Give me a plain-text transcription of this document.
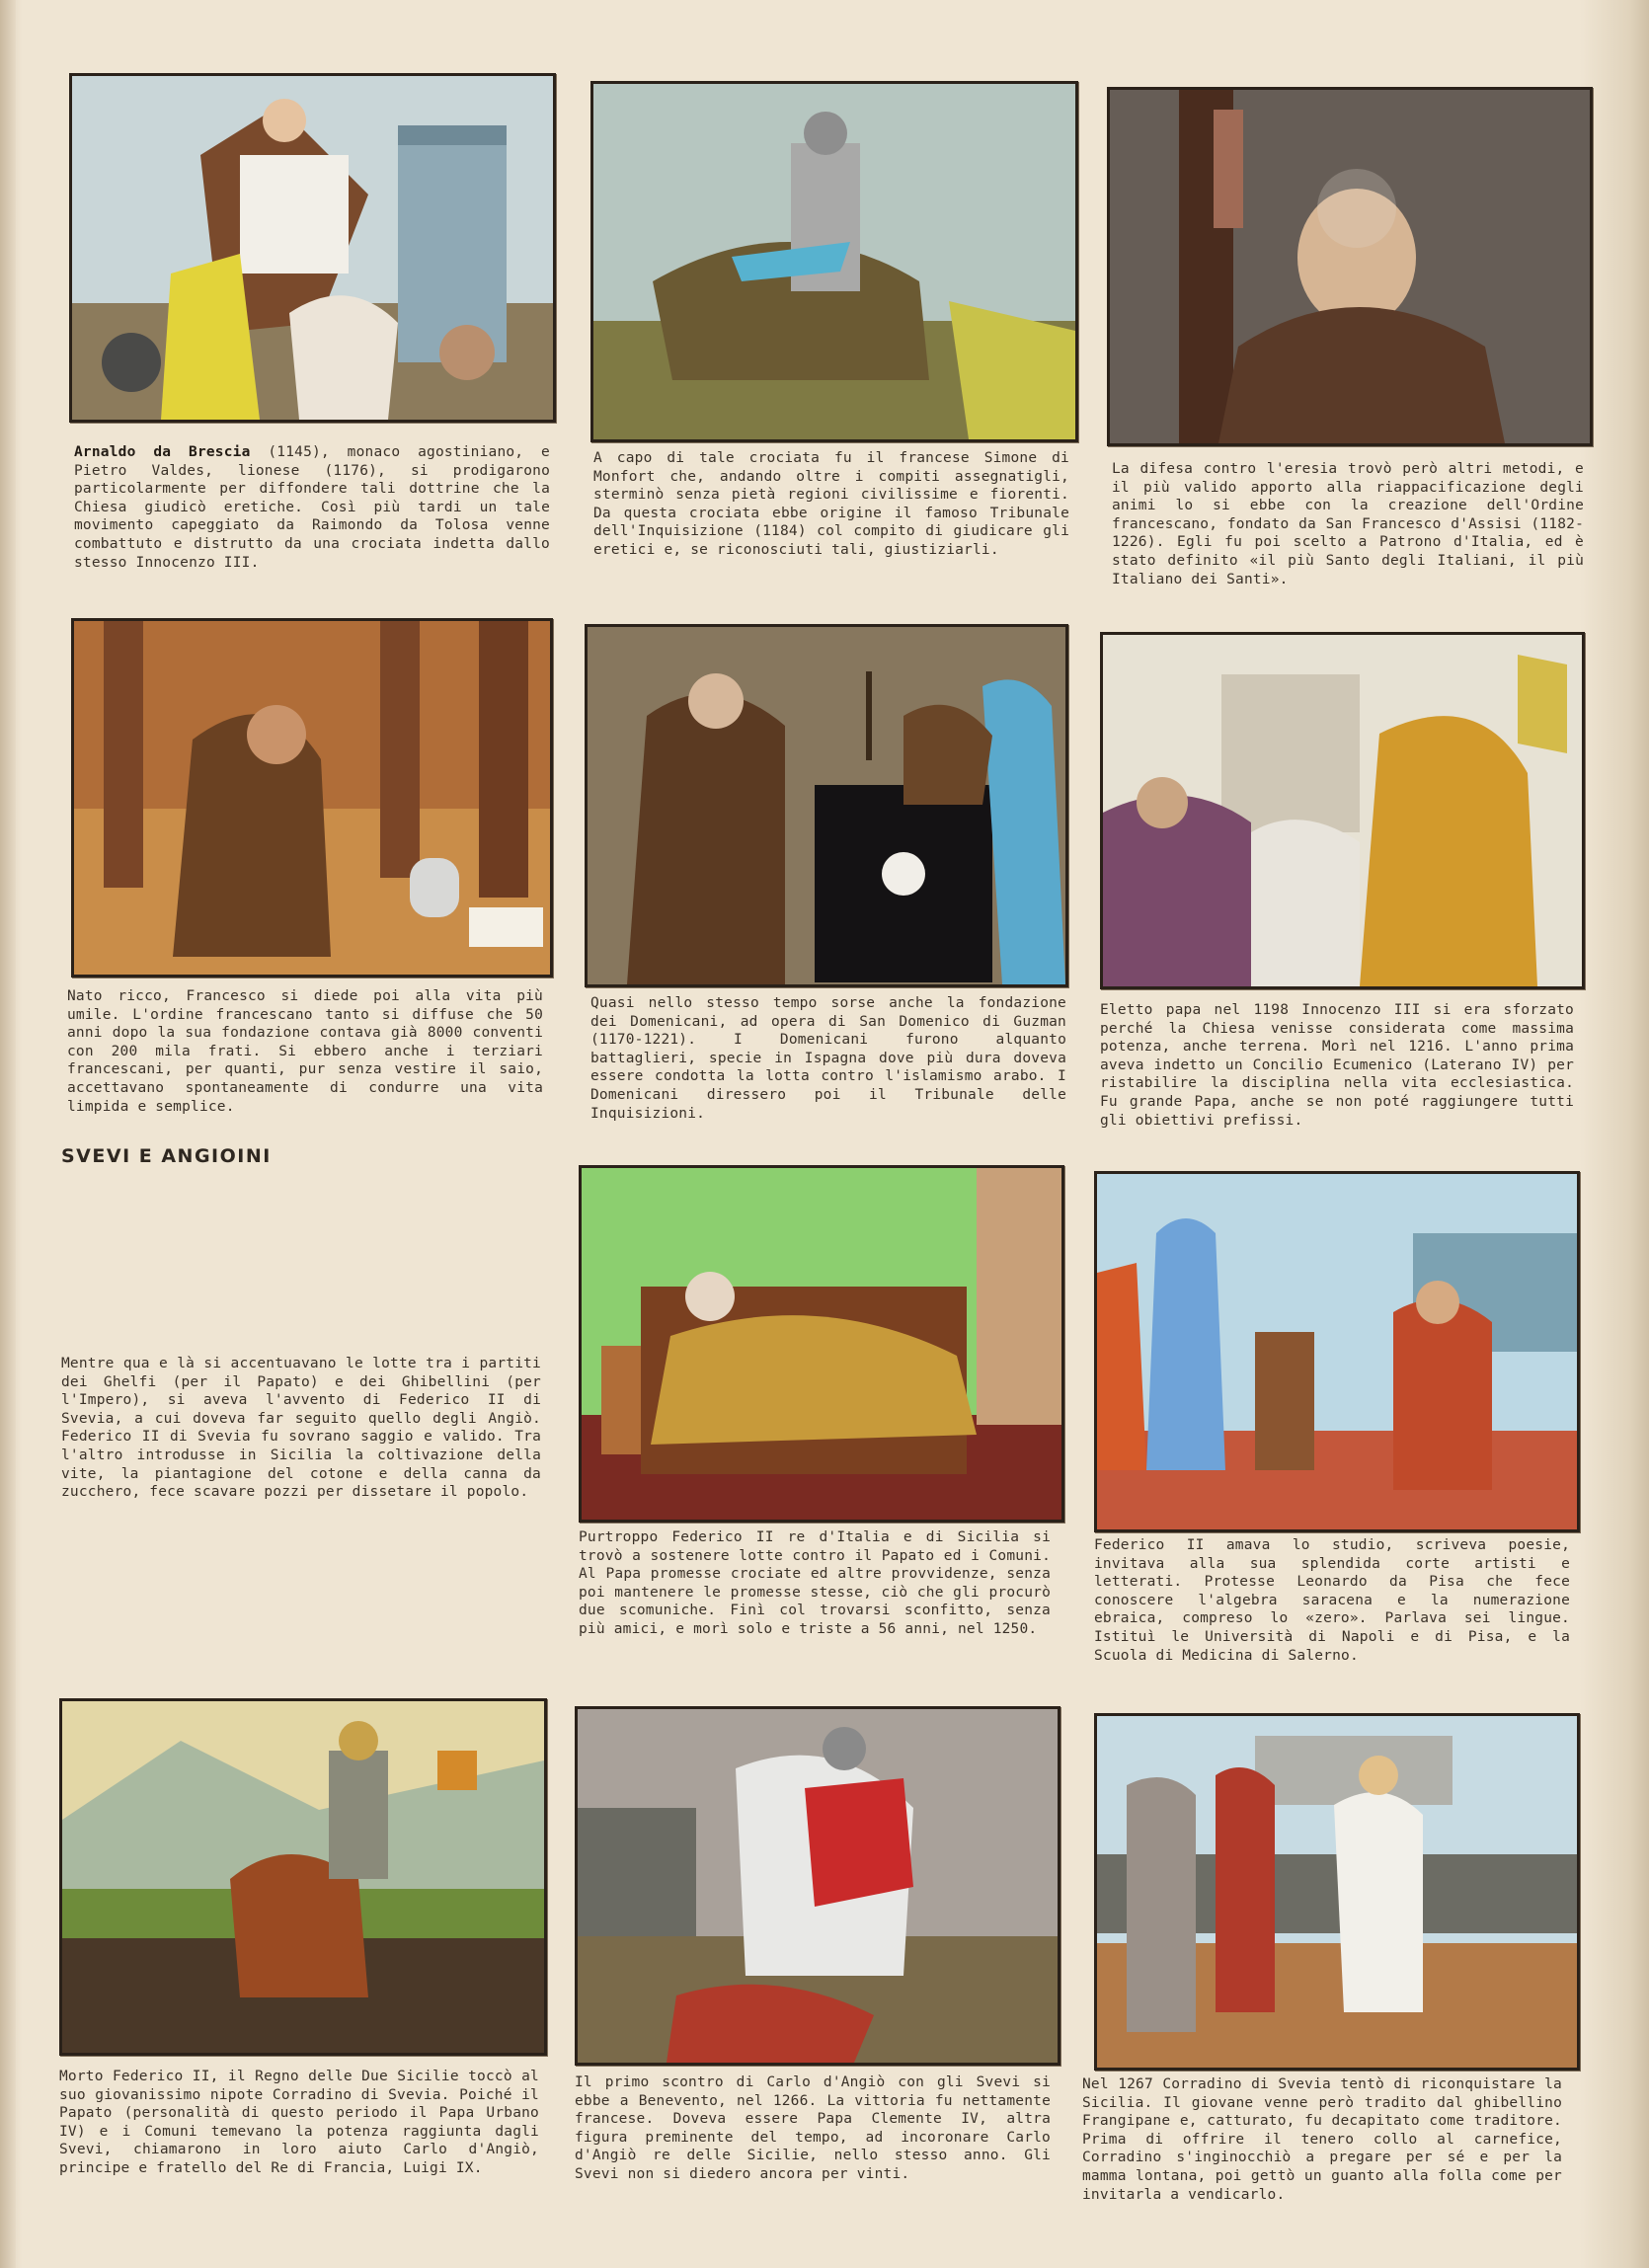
Arnaldo da Brescia (1145), monaco agostiniano, e Pietro Valdes, lionese (1176), si prodigarono particolarmente per diffondere tali dottrine che la Chiesa giudicò eretiche. Così più tardi un tale movimento capeggiato da Raimondo da Tolosa venne combattuto e distrutto da una crociata indetta dallo stesso Innocenzo III.
A capo di tale crociata fu il francese Simone di Monfort che, andando oltre i compiti assegnatigli, sterminò senza pietà regioni civilissime e fiorenti. Da questa crociata ebbe origine il famoso Tribunale dell'Inquisizione (1184) col compito di giudicare gli eretici e, se riconosciuti tali, giustiziarli.
La difesa contro l'eresia trovò però altri metodi, e il più valido apporto alla riappacificazione degli animi lo si ebbe con la creazione dell'Ordine francescano, fondato da San Francesco d'Assisi (1182-1226). Egli fu poi scelto a Patrono d'Italia, ed è stato definito «il più Santo degli Italiani, il più Italiano dei Santi».
Nato ricco, Francesco si diede poi alla vita più umile. L'ordine francescano tanto si diffuse che 50 anni dopo la sua fondazione contava già 8000 conventi con 200 mila frati. Si ebbero anche i terziari francescani, per quanti, pur senza vestire il saio, accettavano spontaneamente di condurre una vita limpida e semplice.
Quasi nello stesso tempo sorse anche la fondazione dei Domenicani, ad opera di San Domenico di Guzman (1170-1221). I Domenicani furono alquanto battaglieri, specie in Ispagna dove più dura doveva essere condotta la lotta contro l'islamismo arabo. I Domenicani diressero poi il Tribunale delle Inquisizioni.
Eletto papa nel 1198 Innocenzo III si era sforzato perché la Chiesa venisse considerata come massima potenza, anche terrena. Morì nel 1216. L'anno prima aveva indetto un Concilio Ecumenico (Laterano IV) per ristabilire la disciplina nella vita ecclesiastica. Fu grande Papa, anche se non poté raggiungere tutti gli obiettivi prefissi.
SVEVI E ANGIOINI
Mentre qua e là si accentuavano le lotte tra i partiti dei Ghelfi (per il Papato) e dei Ghibellini (per l'Impero), si aveva l'avvento di Federico II di Svevia, a cui doveva far seguito quello degli Angiò. Federico II di Svevia fu sovrano saggio e valido. Tra l'altro introdusse in Sicilia la coltivazione della vite, la piantagione del cotone e della canna da zucchero, fece scavare pozzi per dissetare il popolo.
Purtroppo Federico II re d'Italia e di Sicilia si trovò a sostenere lotte contro il Papato ed i Comuni. Al Papa promesse crociate ed altre provvidenze, senza poi mantenere le promesse stesse, ciò che gli procurò due scomuniche. Finì col trovarsi sconfitto, senza più amici, e morì solo e triste a 56 anni, nel 1250.
Federico II amava lo studio, scriveva poesie, invitava alla sua splendida corte artisti e letterati. Protesse Leonardo da Pisa che fece conoscere l'algebra saracena e la numerazione ebraica, compreso lo «zero». Parlava sei lingue. Istituì le Università di Napoli e di Pisa, e la Scuola di Medicina di Salerno.
Morto Federico II, il Regno delle Due Sicilie toccò al suo giovanissimo nipote Corradino di Svevia. Poiché il Papato (personalità di questo periodo il Papa Urbano IV) e i Comuni temevano la potenza raggiunta dagli Svevi, chiamarono in loro aiuto Carlo d'Angiò, principe e fratello del Re di Francia, Luigi IX.
Il primo scontro di Carlo d'Angiò con gli Svevi si ebbe a Benevento, nel 1266. La vittoria fu nettamente francese. Doveva essere Papa Clemente IV, altra figura preminente del tempo, ad incoronare Carlo d'Angiò re delle Sicilie, nello stesso anno. Gli Svevi non si diedero ancora per vinti.
Nel 1267 Corradino di Svevia tentò di riconquistare la Sicilia. Il giovane venne però tradito dal ghibellino Frangipane e, catturato, fu decapitato come traditore. Prima di offrire il tenero collo al carnefice, Corradino s'inginocchiò a pregare per sé e per la mamma lontana, poi gettò un guanto alla folla come per invitarla a vendicarlo.
